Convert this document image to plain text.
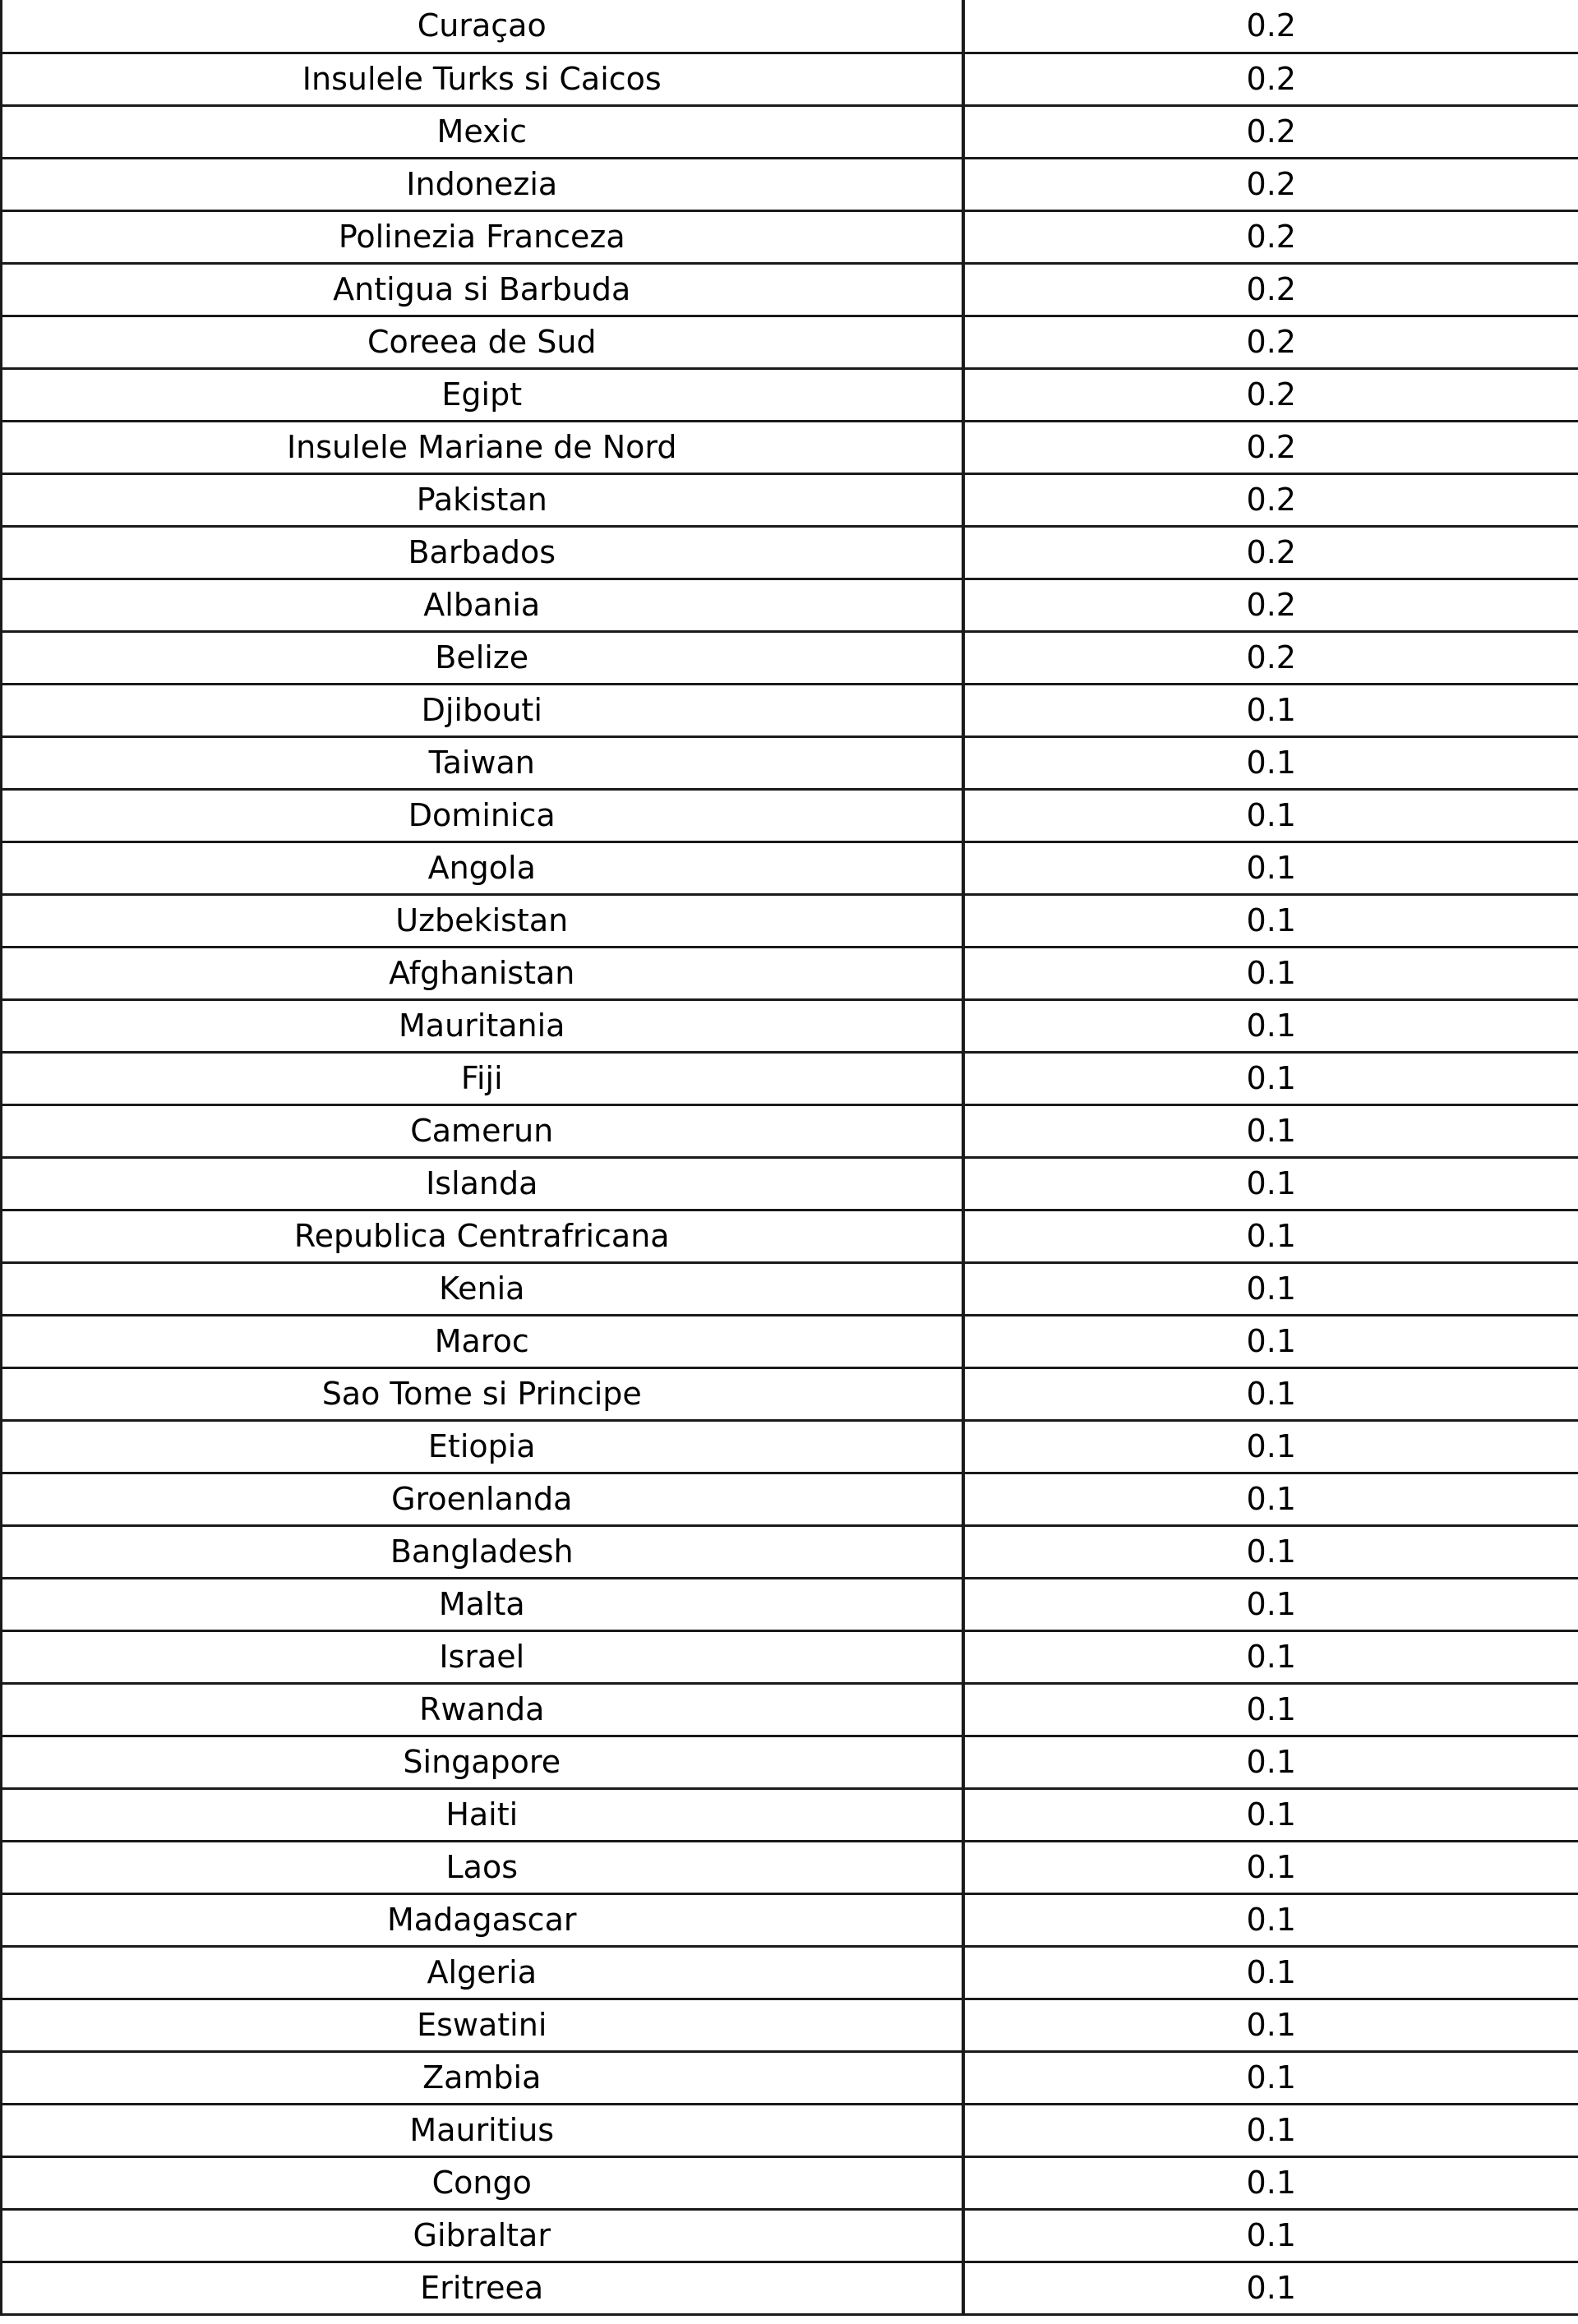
Curaçao	0.2
Insulele Turks si Caicos	0.2
Mexic	0.2
Indonezia	0.2
Polinezia Franceza	0.2
Antigua si Barbuda	0.2
Coreea de Sud	0.2
Egipt	0.2
Insulele Mariane de Nord	0.2
Pakistan	0.2
Barbados	0.2
Albania	0.2
Belize	0.2
Djibouti	0.1
Taiwan	0.1
Dominica	0.1
Angola	0.1
Uzbekistan	0.1
Afghanistan	0.1
Mauritania	0.1
Fiji	0.1
Camerun	0.1
Islanda	0.1
Republica Centrafricana	0.1
Kenia	0.1
Maroc	0.1
Sao Tome si Principe	0.1
Etiopia	0.1
Groenlanda	0.1
Bangladesh	0.1
Malta	0.1
Israel	0.1
Rwanda	0.1
Singapore	0.1
Haiti	0.1
Laos	0.1
Madagascar	0.1
Algeria	0.1
Eswatini	0.1
Zambia	0.1
Mauritius	0.1
Congo	0.1
Gibraltar	0.1
Eritreea	0.1
